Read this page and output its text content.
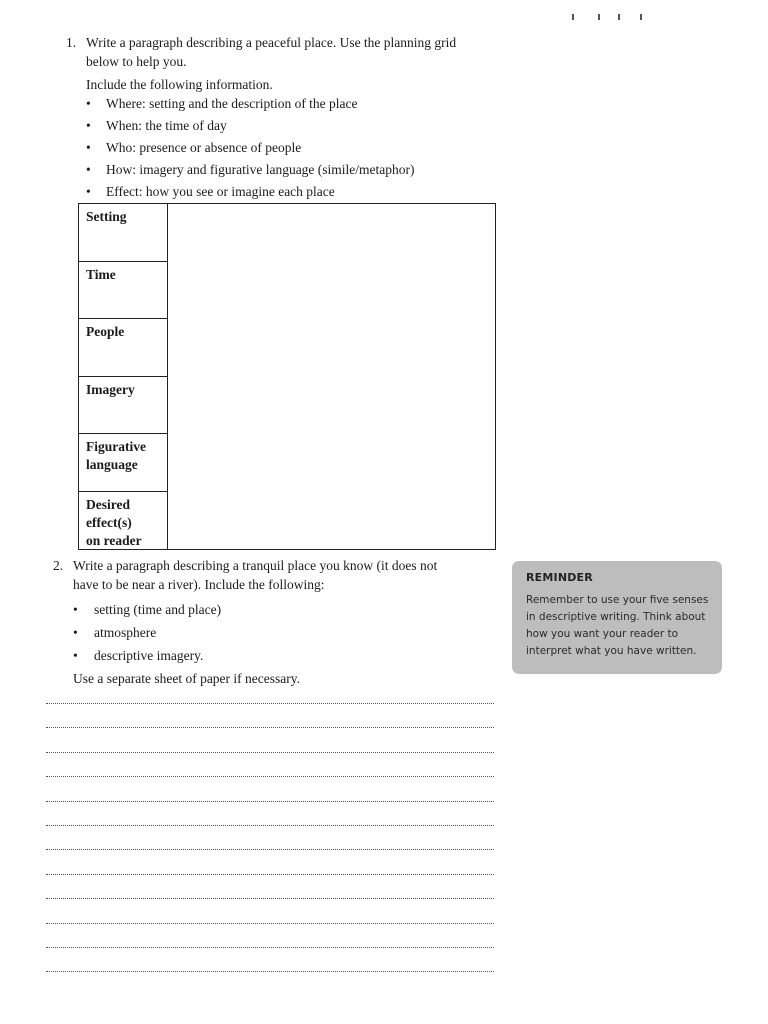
1. Write a paragraph describing a peaceful place. Use the planning grid
below to help you.
Include the following information.
• Where: setting and the description of the place
• When: the time of day
• Who: presence or absence of people
• How: imagery and figurative language (simile/metaphor)
• Effect: how you see or imagine each place
Setting
Time
People
Imagery
Figurative
language
Desired
effect(s)
on reader
2. Write a paragraph describing a tranquil place you know (it does not
have to be near a river). Include the following:
• setting (time and place)
• atmosphere
• descriptive imagery.
Use a separate sheet of paper if necessary.
REMINDER
Remember to use your five senses
in descriptive writing. Think about
how you want your reader to
interpret what you have written.
